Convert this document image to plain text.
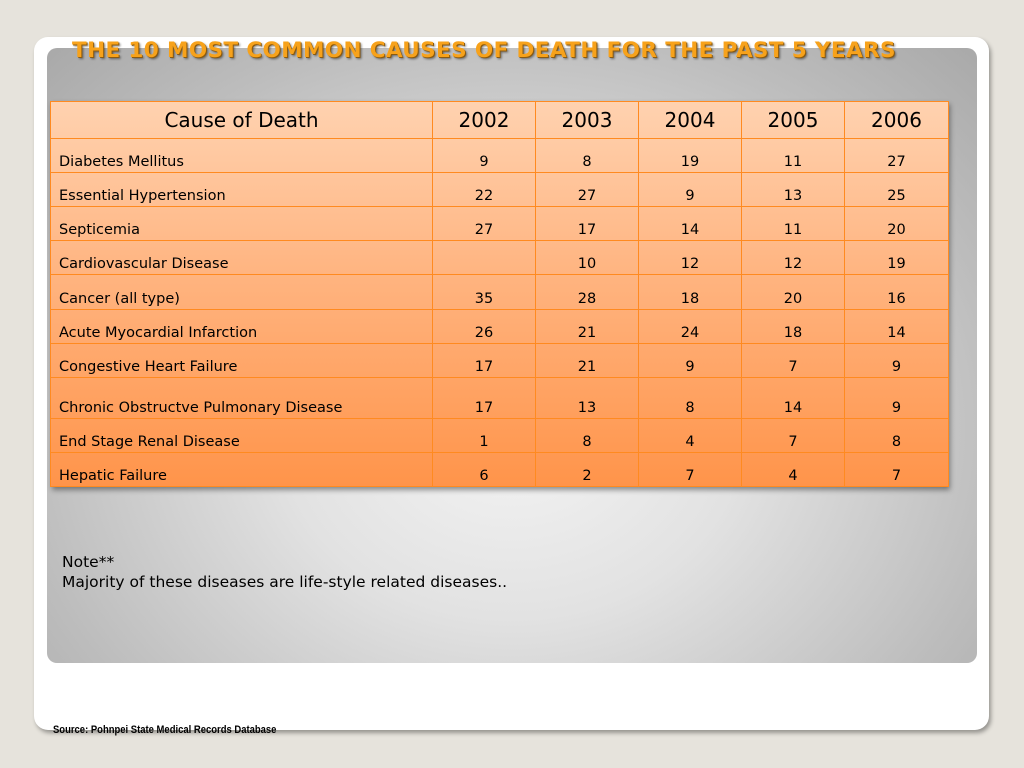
THE 10 MOST COMMON CAUSES OF DEATH FOR THE PAST 5 YEARS
Cause of Death	2002	2003	2004	2005	2006
Diabetes Mellitus	9	8	19	11	27
Essential Hypertension	22	27	9	13	25
Septicemia	27	17	14	11	20
Cardiovascular Disease		10	12	12	19
Cancer (all type)	35	28	18	20	16
Acute Myocardial Infarction	26	21	24	18	14
Congestive Heart Failure	17	21	9	7	9
Chronic Obstructve Pulmonary Disease	17	13	8	14	9
End Stage Renal Disease	1	8	4	7	8
Hepatic Failure	6	2	7	4	7
Note**
Majority of these diseases are life-style related diseases..
Source: Pohnpei State Medical Records Database
